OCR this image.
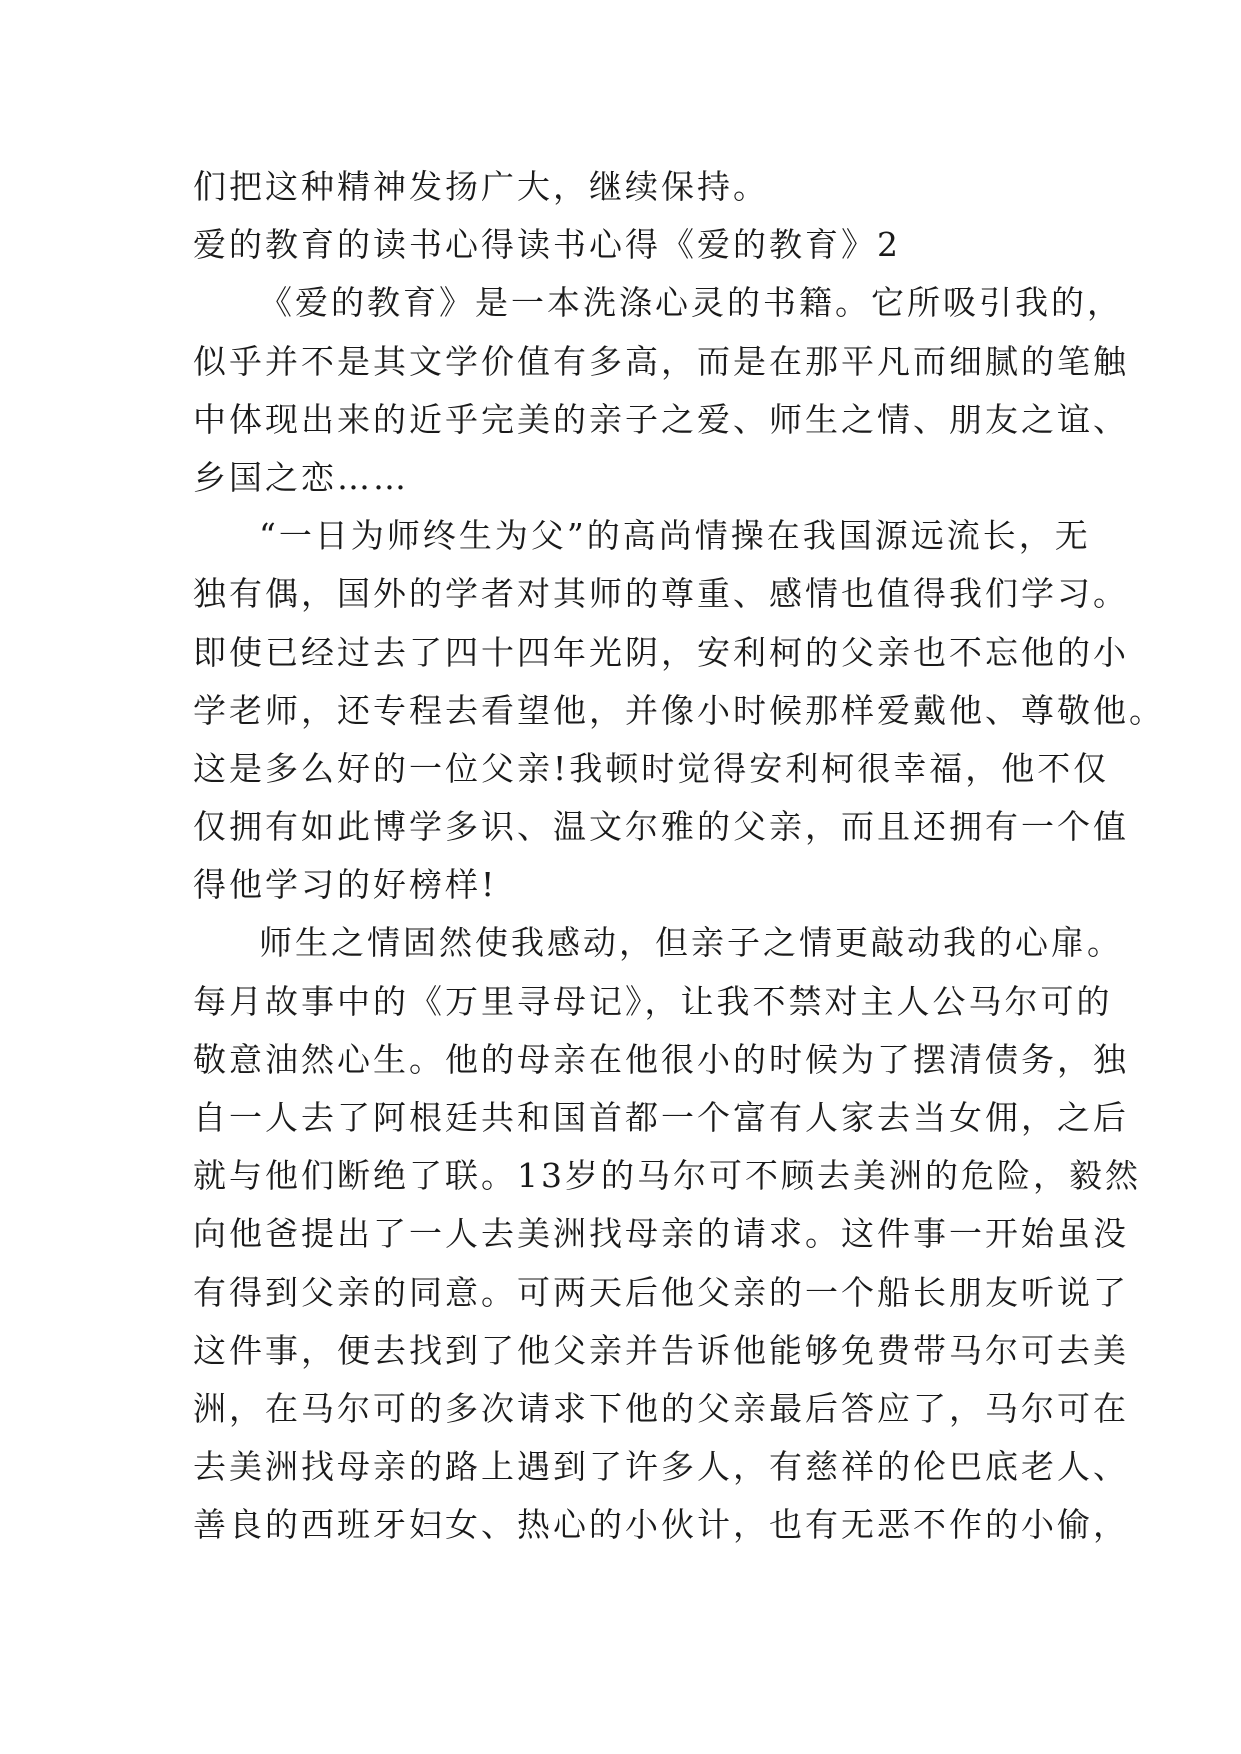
们把这种精神发扬广大，继续保持。
爱的教育的读书心得读书心得《爱的教育》2
《爱的教育》是一本洗涤心灵的书籍。它所吸引我的，
似乎并不是其文学价值有多高，而是在那平凡而细腻的笔触
中体现出来的近乎完美的亲子之爱、师生之情、朋友之谊、
乡国之恋……
“一日为师终生为父”的高尚情操在我国源远流长，无
独有偶，国外的学者对其师的尊重、感情也值得我们学习。
即使已经过去了四十四年光阴，安利柯的父亲也不忘他的小
学老师，还专程去看望他，并像小时候那样爱戴他、尊敬他。
这是多么好的一位父亲!我顿时觉得安利柯很幸福，他不仅
仅拥有如此博学多识、温文尔雅的父亲，而且还拥有一个值
得他学习的好榜样!
师生之情固然使我感动，但亲子之情更敲动我的心扉。
每月故事中的《万里寻母记》，让我不禁对主人公马尔可的
敬意油然心生。他的母亲在他很小的时候为了摆清债务，独
自一人去了阿根廷共和国首都一个富有人家去当女佣，之后
就与他们断绝了联。13岁的马尔可不顾去美洲的危险，毅然
向他爸提出了一人去美洲找母亲的请求。这件事一开始虽没
有得到父亲的同意。可两天后他父亲的一个船长朋友听说了
这件事，便去找到了他父亲并告诉他能够免费带马尔可去美
洲，在马尔可的多次请求下他的父亲最后答应了，马尔可在
去美洲找母亲的路上遇到了许多人，有慈祥的伦巴底老人、
善良的西班牙妇女、热心的小伙计，也有无恶不作的小偷，
